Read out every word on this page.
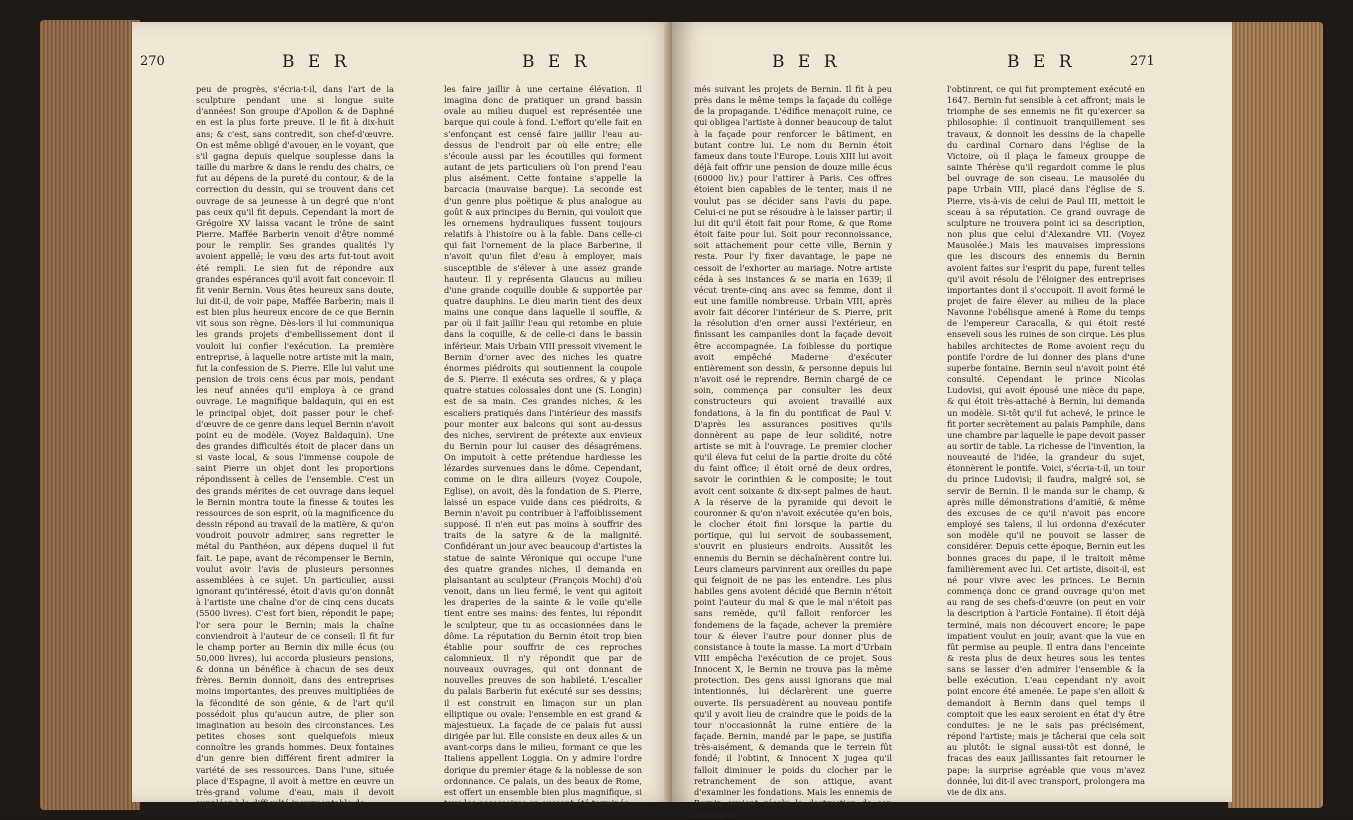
270	B E R	B E R

peu de progrès, s'écria-t-il, dans l'art de la sculpture pendant une si longue suite d'années! Son groupe d'Apollon & de Daphné en est la plus forte preuve. Il le fit à dix-huit ans; & c'est, sans contredit, son chef-d'œuvre. On est même obligé d'avouer, en le voyant, que s'il gagna depuis quelque souplesse dans la taille du marbre & dans le rendu des chairs, ce fut au dépens de la pureté du contour, & de la correction du dessin, qui se trouvent dans cet ouvrage de sa jeunesse à un degré que n'ont pas ceux qu'il fit depuis. Cependant la mort de Grégoire XV laissa vacant le trône de saint Pierre. Maffée Barberin venoit d'être nommé pour le remplir. Ses grandes qualités l'y avoient appellé; le vœu des arts fut-tout avoit été rempli. Le sien fut de répondre aux grandes espérances qu'il avoit fait concevoir. Il fit venir Bernin. Vous êtes heureux sans doute, lui dit-il, de voir pape, Maffée Barberin; mais il est bien plus heureux encore de ce que Bernin vit sous son règne. Dès-lors il lui communiqua les grands projets d'embellissement dont il vouloit lui confier l'exécution. La première entreprise, à laquelle notre artiste mit la main, fut la confession de S. Pierre. Elle lui valut une pension de trois cens écus par mois, pendant les neuf années qu'il employa à ce grand ouvrage. Le magnifique baldaquin, qui en est le principal objet, doit passer pour le chef-d'œuvre de ce genre dans lequel Bernin n'avoit point eu de modèle. (Voyez Baldaquin). Une des grandes difficultés étoit de placer dans un si vaste local, & sous l'immense coupole de saint Pierre un objet dont les proportions répondissent à celles de l'ensemble. C'est un des grands mérites de cet ouvrage dans lequel le Bernin montra toute la finesse & toutes les ressources de son esprit, où la magnificence du dessin répond au travail de la matière, & qu'on voudroit pouvoir admirer, sans regretter le métal du Panthéon, aux dépens duquel il fut fait. Le pape, avant de récompenser le Bernin, voulut avoir l'avis de plusieurs personnes assemblées à ce sujet. Un particulier, aussi ignorant qu'intéressé, étoit d'avis qu'on donnât à l'artiste une chaîne d'or de cinq cens ducats (5500 livres). C'est fort bien, répondit le pape; l'or sera pour le Bernin; mais la chaîne conviendroit à l'auteur de ce conseil: Il fit fur le champ porter au Bernin dix mille écus (ou 50,000 livres), lui accorda plusieurs pensions, & donna un bénéfice à chacun de ses deux frères. Bernin donnoit, dans des entreprises moins importantes, des preuves multipliées de la fécondité de son génie, & de l'art qu'il possédoit plus qu'aucun autre, de plier son imagination au besoin des circonstances. Les petites choses sont quelquefois mieux connoître les grands hommes. Deux fontaines d'un genre bien différent firent admirer la variété de ses ressources. Dans l'une, située place d'Espagne, il avoit à mettre en œuvre un très-grand volume d'eau, mais il devoit suppléer à la difficulté insurmontable de

les faire jaillir à une certaine élévation. Il imagina donc de pratiquer un grand bassin ovale au milieu duquel est représentée une barque qui coule à fond. L'effort qu'elle fait en s'enfonçant est censé faire jaillir l'eau au-dessus de l'endroit par où elle entre; elle s'écoule aussi par les écoutilles qui forment autant de jets particuliers où l'on prend l'eau plus aisément. Cette fontaine s'appelle la barcacia (mauvaise barque). La seconde est d'un genre plus poëtique & plus analogue au goût & aux principes du Bernin, qui vouloit que les ornemens hydrauliques fussent toujours relatifs à l'histoire ou à la fable. Dans celle-ci qui fait l'ornement de la place Barberine, il n'avoit qu'un filet d'eau à employer, mais susceptible de s'élever à une assez grande hauteur. Il y représenta Glaucus au milieu d'une grande coquille double & supportée par quatre dauphins. Le dieu marin tient des deux mains une conque dans laquelle il souffle, & par où il fait jaillir l'eau qui retombe en pluie dans la coquille, & de celle-ci dans le bassin inférieur. Mais Urbain VIII pressoit vivement le Bernin d'orner avec des niches les quatre énormes piédroits qui soutiennent la coupole de S. Pierre. Il exécuta ses ordres, & y plaça quatre statues colossales dont une (S. Longin) est de sa main. Ces grandes niches, & les escaliers pratiqués dans l'intérieur des massifs pour monter aux balcons qui sont au-dessus des niches, servirent de prétexte aux envieux du Bernin pour lui causer des désagrémens. On imputoit à cette prétendue hardiesse les lézardes survenues dans le dôme. Cependant, comme on le dira ailleurs (voyez Coupole, Eglise), on avoit, dès la fondation de S. Pierre, laissé un espace vuide dans ces piédroits, & Bernin n'avoit pu contribuer à l'affoiblissement supposé. Il n'en eut pas moins à souffrir des traits de la satyre & de la malignité. Confidérant un jour avec beaucoup d'artistes la statue de sainte Véronique qui occupe l'une des quatre grandes niches, il demanda en plaisantant au sculpteur (François Mochi) d'où venoit, dans un lieu fermé, le vent qui agitoit les draperies de la sainte & le voile qu'elle tient entre ses mains: des fentes, lui répondit le sculpteur, que tu as occasionnées dans le dôme. La réputation du Bernin étoit trop bien établie pour souffrir de ces reproches calomnieux. Il n'y répondit que par de nouveaux ouvrages, qui ont donnant de nouvelles preuves de son habileté. L'escalier du palais Barberin fut exécuté sur ses dessins; il est construit en limaçon sur un plan elliptique ou ovale: l'ensemble en est grand & majestueux. La façade de ce palais fut aussi dirigée par lui. Elle consiste en deux ailes & un avant-corps dans le milieu, formant ce que les Italiens appellent Loggia. On y admire l'ordre dorique du premier étage & la noblesse de son ordonnance. Ce palais, un des beaux de Rome, est offert un ensemble bien plus magnifique, si tous les accessoires en eussent été terminés

B E R	B E R	271

més suivant les projets de Bernin. Il fit à peu près dans le même temps la façade du collège de la propagande. L'édifice menaçoit ruine, ce qui obligea l'artiste à donner beaucoup de talut à la façade pour renforcer le bâtiment, en butant contre lui. Le nom du Bernin étoit fameux dans toute l'Europe. Louis XIII lui avoit déjà fait offrir une pension de douze mille écus (60000 liv.) pour l'attirer à Paris. Ces offres étoient bien capables de le tenter, mais il ne voulut pas se décider sans l'avis du pape. Celui-ci ne put se résoudre à le laisser partir; il lui dit qu'il étoit fait pour Rome, & que Rome étoit faite pour lui. Soit pour reconnoissance, soit attachement pour cette ville, Bernin y resta. Pour l'y fixer davantage, le pape ne cessoit de l'exhorter au mariage. Notre artiste céda à ses instances & se maria en 1639; il vécut trente-cinq ans avec sa femme, dont il eut une famille nombreuse. Urbain VIII, après avoir fait décorer l'intérieur de S. Pierre, prit la résolution d'en orner aussi l'extérieur, en finissant les campaniles dont la façade devoit être accompagnée. La foiblesse du portique avoit empêché Maderne d'exécuter entièrement son dessin, & personne depuis lui n'avoit osé le reprendre. Bernin chargé de ce soin, commença par consulter les deux constructeurs qui avoient travaillé aux fondations, à la fin du pontificat de Paul V. D'après les assurances positives qu'ils donnèrent au pape de leur solidité, notre artiste se mit à l'ouvrage. Le premier clocher qu'il éleva fut celui de la partie droite du côté du faint office; il étoit orné de deux ordres, savoir le corinthien & le composite; le tout avoit cent soixante & dix-sept palmes de haut. A la réserve de la pyramide qui devoit le couronner & qu'on n'avoit exécutée qu'en bois, le clocher étoit fini lorsque la partie du portique, qui lui servoit de soubassement, s'ouvrit en plusieurs endroits. Aussitôt les ennemis du Bernin se déchaînèrent contre lui. Leurs clameurs parvinrent aux oreilles du pape qui feignoit de ne pas les entendre. Les plus habiles gens avoient décidé que Bernin n'étoit point l'auteur du mal & que le mal n'étoit pas sans remède, qu'il falloit renforcer les fondemens de la façade, achever la première tour & élever l'autre pour donner plus de consistance à toute la masse. La mort d'Urbain VIII empêcha l'exécution de ce projet. Sous Innocent X, le Bernin ne trouva pas la même protection. Des gens aussi ignorans que mal intentionnés, lui déclarèrent une guerre ouverte. Ils persuadèrent au nouveau pontife qu'il y avoit lieu de craindre que le poids de la tour n'occasionnât la ruine entière de la façade. Bernin, mandé par le pape, se justifia très-aisément, & demanda que le terrein fût fondé; il l'obtint, & Innocent X jugea qu'il falloit diminuer le poids du clocher par le retranchement de son attique, avant d'examiner les fondations. Mais les ennemis de Bernin avoient résolu la destruction de son ouvrage &

l'obtinrent, ce qui fut promptement exécuté en 1647. Bernin fut sensible à cet affront; mais le triomphe de ses ennemis ne fit qu'exercer sa philosophie: il continuoit tranquillement ses travaux, & donnoit les dessins de la chapelle du cardinal Cornaro dans l'église de la Victoire, où il plaça le fameux grouppe de sainte Thérèse qu'il regardoit comme le plus bel ouvrage de son ciseau. Le mausolée du pape Urbain VIII, placé dans l'église de S. Pierre, vis-à-vis de celui de Paul III, mettoit le sceau à sa réputation. Ce grand ouvrage de sculpture ne trouvera point ici sa description, non plus que celui d'Alexandre VII. (Voyez Mausolée.) Mais les mauvaises impressions que les discours des ennemis du Bernin avoient faites sur l'esprit du pape, furent telles qu'il avoit résolu de l'éloigner des entreprises importantes dont il s'occupoit. Il avoit formé le projet de faire élever au milieu de la place Navonne l'obélisque amené à Rome du temps de l'empereur Caracalla, & qui étoit resté enseveli sous les ruines de son cirque. Les plus habiles architectes de Rome avoient reçu du pontife l'ordre de lui donner des plans d'une superbe fontaine. Bernin seul n'avoit point été consulté. Cependant le prince Nicolas Ludovisi, qui avoit épousé une nièce du pape, & qui étoit très-attaché à Bernin, lui demanda un modèle. Si-tôt qu'il fut achevé, le prince le fit porter secrètement au palais Pamphile, dans une chambre par laquelle le pape devoit passer au sortir de table. La richesse de l'invention, la nouveauté de l'idée, la grandeur du sujet, étonnèrent le pontife. Voici, s'écria-t-il, un tour du prince Ludovisi; il faudra, malgré soi, se servir de Bernin. Il le manda sur le champ, & après mille démonstrations d'amitié, & même des excuses de ce qu'il n'avoit pas encore employé ses talens, il lui ordonna d'exécuter son modèle qu'il ne pouvoit se lasser de considérer. Depuis cette époque, Bernin eut les bonnes graces du pape, il le traitoit même familièrement avec lui. Cet artiste, disoit-il, est né pour vivre avec les princes. Le Bernin commença donc ce grand ouvrage qu'on met au rang de ses chefs-d'œuvre (on peut en voir la description à l'article Fontaine). Il étoit déjà terminé, mais non découvert encore; le pape impatient voulut en jouir, avant que la vue en fût permise au peuple. Il entra dans l'enceinte & resta plus de deux heures sous les tentes sans se lasser d'en admirer l'ensemble & la belle exécution. L'eau cependant n'y avoit point encore été amenée. Le pape s'en alloit & demandoit à Bernin dans quel temps il comptoit que les eaux seroient en état d'y être conduites: je ne le sais pas précisément, répond l'artiste; mais je tâcherai que cela soit au plutôt: le signal aussi-tôt est donné, le fracas des eaux jaillissantes fait retourner le pape: la surprise agréable que vous m'avez donnée, lui dit-il avec transport, prolongera ma vie de dix ans.
